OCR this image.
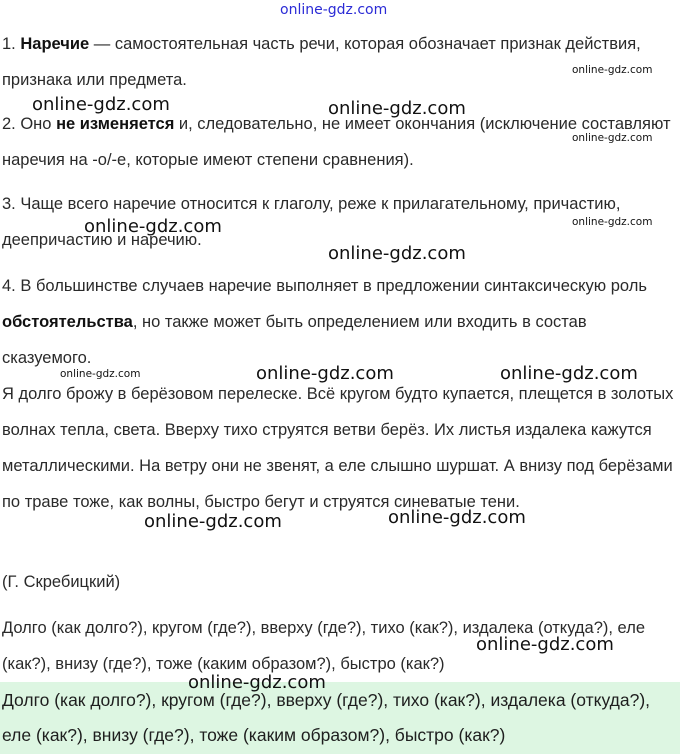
online-gdz.com
1. Наречие — самостоятельная часть речи, которая обозначает признак действия, признака или предмета.
2. Оно не изменяется и, следовательно, не имеет окончания (исключение составляют наречия на -о/-е, которые имеют степени сравнения).
3. Чаще всего наречие относится к глаголу, реже к прилагательному, причастию, деепричастию и наречию.
4. В большинстве случаев наречие выполняет в предложении синтаксическую роль обстоятельства, но также может быть определением или входить в состав сказуемого.
Я долго брожу в берёзовом перелеске. Всё кругом будто купается, плещется в золотых волнах тепла, света. Вверху тихо струятся ветви берёз. Их листья издалека кажутся металлическими. На ветру они не звенят, а еле слышно шуршат. А внизу под берёзами по траве тоже, как волны, быстро бегут и струятся синеватые тени.
(Г. Скребицкий)
Долго (как долго?), кругом (где?), вверху (где?), тихо (как?), издалека (откуда?), еле (как?), внизу (где?), тоже (каким образом?), быстро (как?)
Долго (как долго?), кругом (где?), вверху (где?), тихо (как?), издалека (откуда?), еле (как?), внизу (где?), тоже (каким образом?), быстро (как?)
online-gdz.com
online-gdz.com	online-gdz.com
online-gdz.com
online-gdz.com
online-gdz.com
online-gdz.com
online-gdz.com	online-gdz.com	online-gdz.com
online-gdz.com	online-gdz.com
online-gdz.com
online-gdz.com
